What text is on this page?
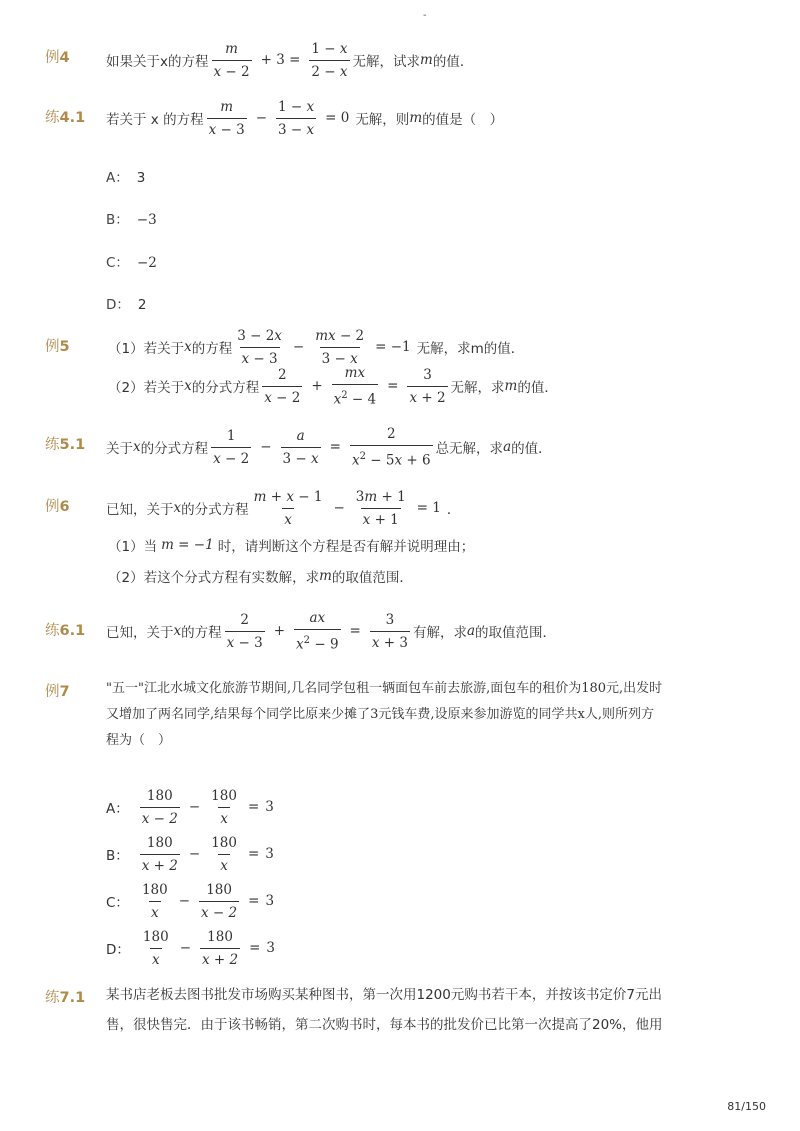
-
例4	如果关于x的方程 $\frac{m}{x - 2} + 3 = \frac{1 - x}{2 - x}$ 无解，试求 m 的值．
练4.1 若关于 x 的方程 $\frac{m}{x - 3} - \frac{1 - x}{3 - x} = 0$ 无解，则 m 的值是（　）
A： 3
B： −3
C： −2
D： 2
例5	（1）若关于 x 的方程 $\frac{3 - 2x}{x - 3} - \frac{mx - 2}{3 - x} = -1$ 无解，求m的值．
（2）若关于 x 的分式方程 $\frac{2}{x - 2} + \frac{mx}{x^2 - 4} = \frac{3}{x + 2}$ 无解，求 m 的值．
练5.1 关于 x 的分式方程 $\frac{1}{x - 2} - \frac{a}{3 - x} = \frac{2}{x^2 - 5x + 6}$ 总无解，求 a 的值．
例6	已知，关于 x 的分式方程 $\frac{m + x - 1}{x} - \frac{3m + 1}{x + 1} = 1$ ．
（1）当 m = −1 时，请判断这个方程是否有解并说明理由；
（2）若这个分式方程有实数解，求 m 的取值范围．
练6.1 已知，关于 x 的方程 $\frac{2}{x - 3} + \frac{ax}{x^2 - 9} = \frac{3}{x + 3}$ 有解，求 a 的取值范围．
例7	"五一"江北水城文化旅游节期间,几名同学包租一辆面包车前去旅游,面包车的租价为180元,出发时
又增加了两名同学,结果每个同学比原来少摊了3元钱车费,设原来参加游览的同学共x人,则所列方
程为（　）
A： $\frac{180}{x - 2} - \frac{180}{x} = 3$
B： $\frac{180}{x + 2} - \frac{180}{x} = 3$
C： $\frac{180}{x} - \frac{180}{x - 2} = 3$
D： $\frac{180}{x} - \frac{180}{x + 2} = 3$
练7.1 某书店老板去图书批发市场购买某种图书，第一次用1200元购书若干本，并按该书定价7元出
售，很快售完．由于该书畅销，第二次购书时，每本书的批发价已比第一次提高了20%，他用
81/150
